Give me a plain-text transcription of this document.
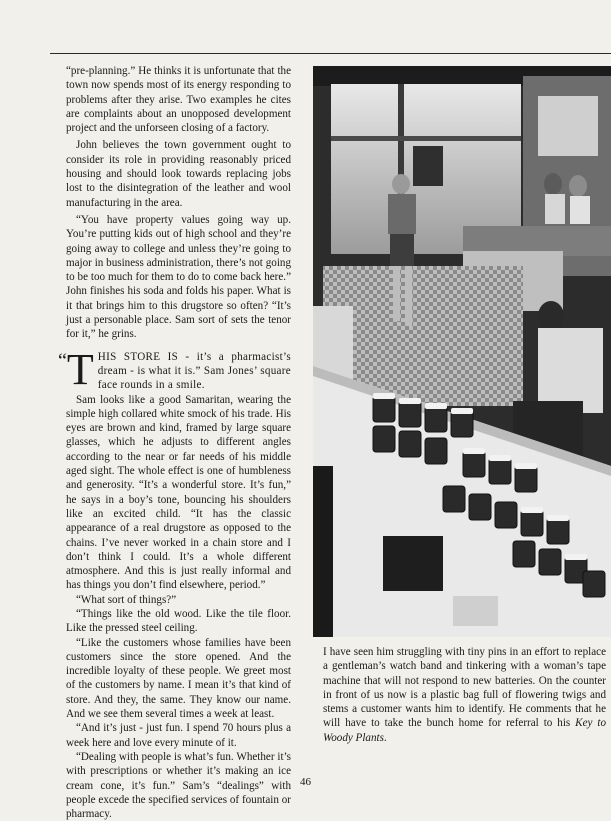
“pre-planning.” He thinks it is unfortunate that the town now spends most of its energy responding to problems after they arise. Two examples he cites are complaints about an unopposed development project and the unforseen closing of a factory.

John believes the town government ought to consider its role in providing reasonably priced housing and should look towards replacing jobs lost to the disintegration of the leather and wool manufacturing in the area.

“You have property values going way up. You’re putting kids out of high school and they’re going away to college and unless they’re going to major in business administration, there’s not going to be too much for them to do to come back here.” John finishes his soda and folds his paper. What is it that brings him to this drugstore so often? “It’s just a personable place. Sam sort of sets the tenor for it,” he grins.

“T HIS STORE IS - it’s a pharmacist’s dream - is what it is.” Sam Jones’ square face rounds in a smile.

Sam looks like a good Samaritan, wearing the simple high collared white smock of his trade. His eyes are brown and kind, framed by large square glasses, which he adjusts to different angles according to the near or far needs of his middle aged sight. The whole effect is one of humbleness and generosity. “It’s a wonderful store. It’s fun,” he says in a boy’s tone, bouncing his shoulders like an excited child. “It has the classic appearance of a real drugstore as opposed to the chains. I’ve never worked in a chain store and I don’t think I could. It’s a whole different atmosphere. And this is just really informal and has things you don’t find elsewhere, period.”

“What sort of things?”

“Things like the old wood. Like the tile floor. Like the pressed steel ceiling.

“Like the customers whose families have been customers since the store opened. And the incredible loyalty of these people. We greet most of the customers by name. I mean it’s that kind of store. And they, the same. They know our name. And we see them several times a week at least.

“And it’s just - just fun. I spend 70 hours plus a week here and love every minute of it.

“Dealing with people is what’s fun. Whether it’s with prescriptions or whether it’s making an ice cream cone, it’s fun.” Sam’s “dealings” with people excede the specified services of fountain or pharmacy.

I have seen him struggling with tiny pins in an effort to replace a gentleman’s watch band and tinkering with a woman’s tape machine that will not respond to new batteries. On the counter in front of us now is a plastic bag full of flowering twigs and stems a customer wants him to identify. He comments that he will have to take the bunch home for referral to his Key to Woody Plants.

46
